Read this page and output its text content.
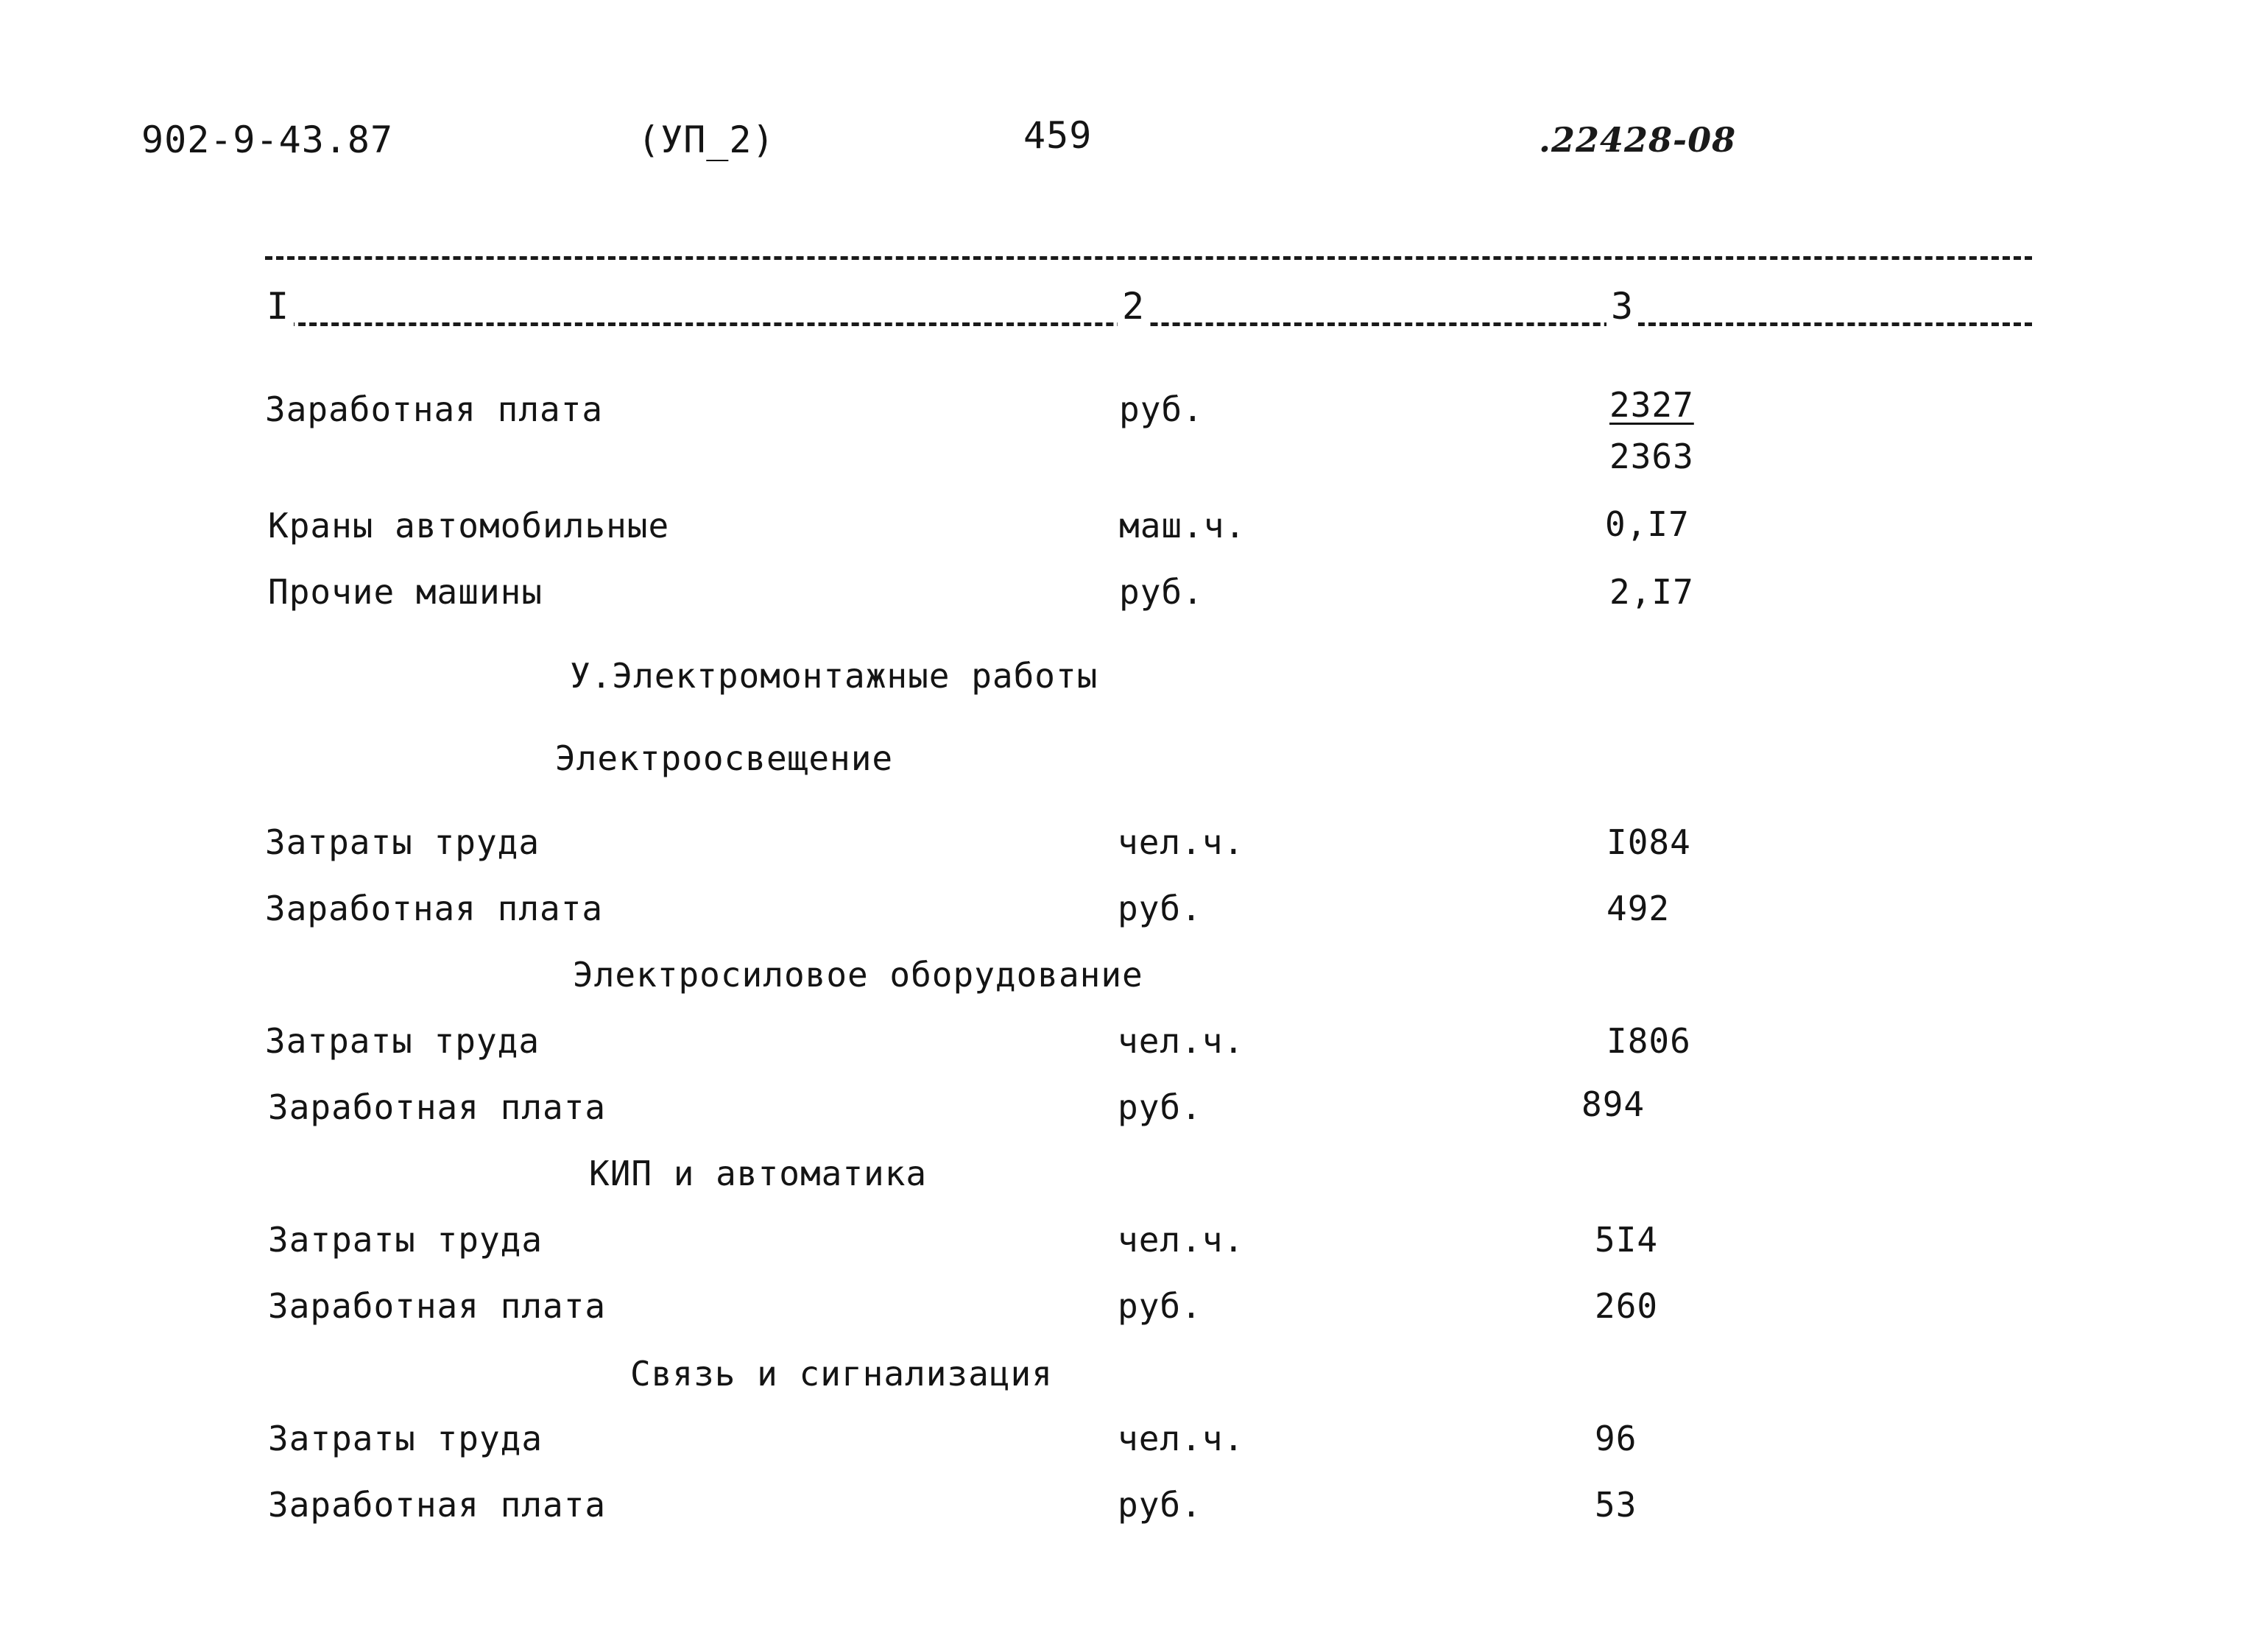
902-9-43.87	(УП_2)	459	.22428-08
I	2	3
Заработная плата	руб.	2327
2363
Краны автомобильные	маш.ч.	0,I7
Прочие машины	руб.	2,I7
У.Электромонтажные работы
Электроосвещение
Затраты труда	чел.ч.	I084
Заработная плата	руб.	492
Электросиловое оборудование
Затраты труда	чел.ч.	I806
Заработная плата	руб.	894
КИП и автоматика
Затраты труда	чел.ч.	5I4
Заработная плата	руб.	260
Связь и сигнализация
Затраты труда	чел.ч.	96
Заработная плата	руб.	53
